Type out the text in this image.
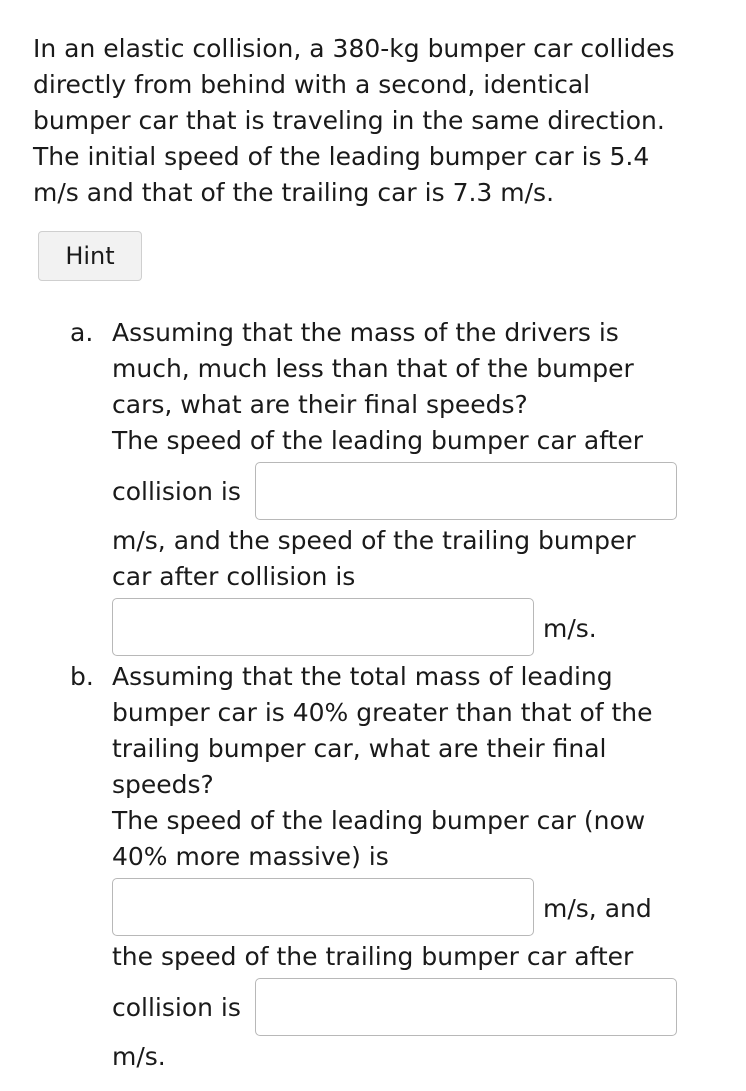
In an elastic collision, a 380-kg bumper car collides
directly from behind with a second, identical
bumper car that is traveling in the same direction.
The initial speed of the leading bumper car is 5.4
m/s and that of the trailing car is 7.3 m/s.

Hint
a. Assuming that the mass of the drivers is
much, much less than that of the bumper
cars, what are their final speeds?
The speed of the leading bumper car after
collision is
m/s, and the speed of the trailing bumper
car after collision is
m/s.
b. Assuming that the total mass of leading
bumper car is 40% greater than that of the
trailing bumper car, what are their final
speeds?
The speed of the leading bumper car (now
40% more massive) is
m/s, and
the speed of the trailing bumper car after
collision is
m/s.
